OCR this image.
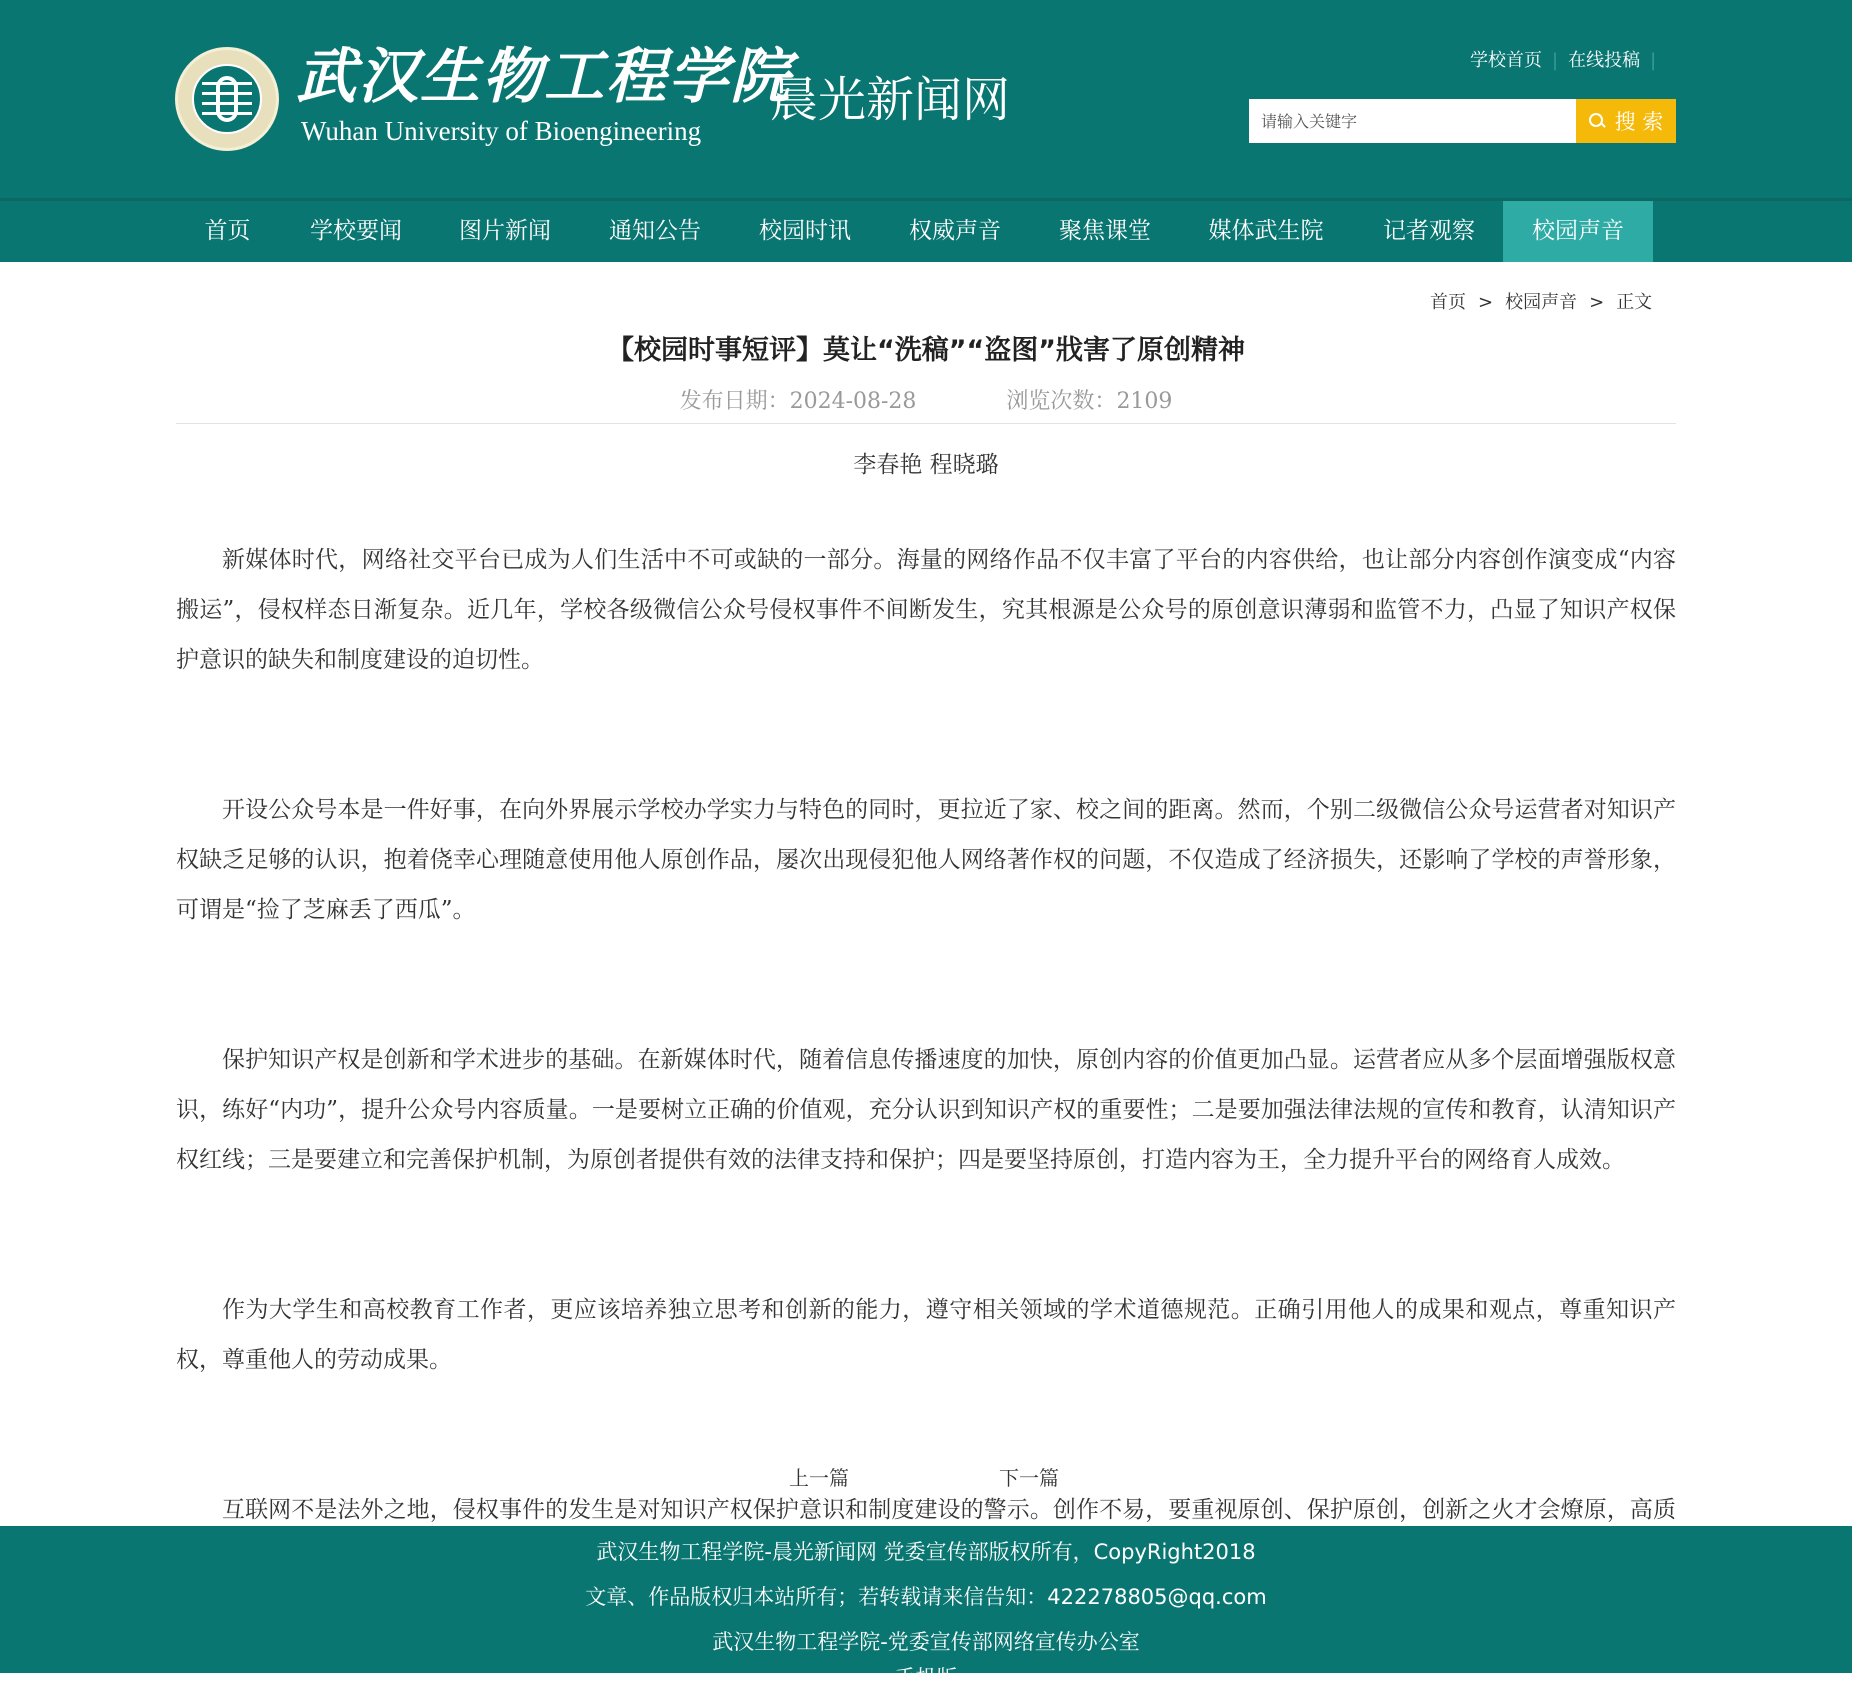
武汉生物工程学院
Wuhan University of Bioengineering
晨光新闻网
学校首页 | 在线投稿 |
请输入关键字
搜 索
首页	学校要闻	图片新闻	通知公告	校园时讯	权威声音	聚焦课堂	媒体武生院	记者观察	校园声音
首页 > 校园声音 > 正文
【校园时事短评】莫让“洗稿”“盗图”戕害了原创精神
发布日期：2024-08-28	浏览次数：2109
李春艳 程晓璐

新媒体时代，网络社交平台已成为人们生活中不可或缺的一部分。海量的网络作品不仅丰富了平台的内容供给，也让部分内容创作演变成“内容搬运”，侵权样态日渐复杂。近几年，学校各级微信公众号侵权事件不间断发生，究其根源是公众号的原创意识薄弱和监管不力，凸显了知识产权保护意识的缺失和制度建设的迫切性。

开设公众号本是一件好事，在向外界展示学校办学实力与特色的同时，更拉近了家、校之间的距离。然而，个别二级微信公众号运营者对知识产权缺乏足够的认识，抱着侥幸心理随意使用他人原创作品，屡次出现侵犯他人网络著作权的问题，不仅造成了经济损失，还影响了学校的声誉形象，可谓是“捡了芝麻丢了西瓜”。

保护知识产权是创新和学术进步的基础。在新媒体时代，随着信息传播速度的加快，原创内容的价值更加凸显。运营者应从多个层面增强版权意识，练好“内功”，提升公众号内容质量。一是要树立正确的价值观，充分认识到知识产权的重要性；二是要加强法律法规的宣传和教育，认清知识产权红线；三是要建立和完善保护机制，为原创者提供有效的法律支持和保护；四是要坚持原创，打造内容为王，全力提升平台的网络育人成效。

作为大学生和高校教育工作者，更应该培养独立思考和创新的能力，遵守相关领域的学术道德规范。正确引用他人的成果和观点，尊重知识产权，尊重他人的劳动成果。

互联网不是法外之地，侵权事件的发生是对知识产权保护意识和制度建设的警示。创作不易，要重视原创、保护原创，创新之火才会燎原，高质

上一篇	下一篇
武汉生物工程学院-晨光新闻网 党委宣传部版权所有，CopyRight2018
文章、作品版权归本站所有；若转载请来信告知：422278805@qq.com
武汉生物工程学院-党委宣传部网络宣传办公室
手机版
